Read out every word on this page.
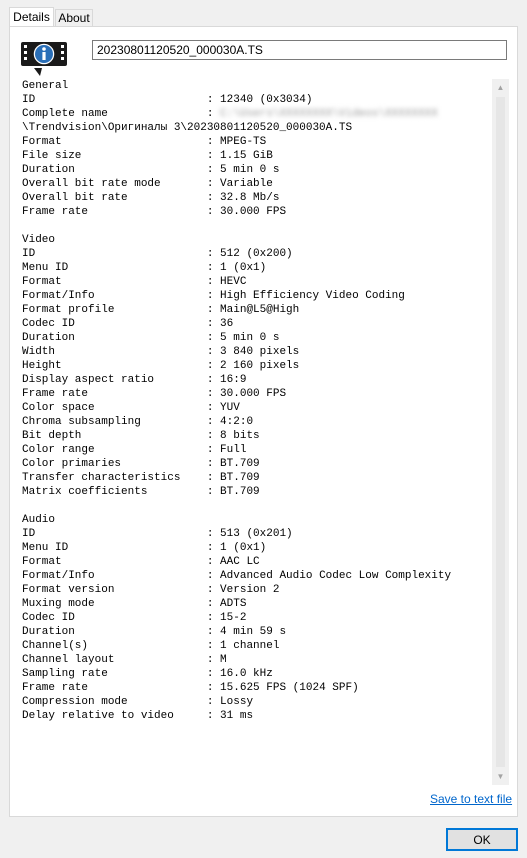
Details About
20230801120520_000030A.TS
General
ID                          : 12340 (0x3034)
Complete name               : C:\Users\XXXXXXXX\Videos\XXXXXXXX
\Trendvision\Оригиналы 3\20230801120520_000030A.TS
Format                      : MPEG-TS
File size                   : 1.15 GiB
Duration                    : 5 min 0 s
Overall bit rate mode       : Variable
Overall bit rate            : 32.8 Mb/s
Frame rate                  : 30.000 FPS

Video
ID                          : 512 (0x200)
Menu ID                     : 1 (0x1)
Format                      : HEVC
Format/Info                 : High Efficiency Video Coding
Format profile              : Main@L5@High
Codec ID                    : 36
Duration                    : 5 min 0 s
Width                       : 3 840 pixels
Height                      : 2 160 pixels
Display aspect ratio        : 16:9
Frame rate                  : 30.000 FPS
Color space                 : YUV
Chroma subsampling          : 4:2:0
Bit depth                   : 8 bits
Color range                 : Full
Color primaries             : BT.709
Transfer characteristics    : BT.709
Matrix coefficients         : BT.709

Audio
ID                          : 513 (0x201)
Menu ID                     : 1 (0x1)
Format                      : AAC LC
Format/Info                 : Advanced Audio Codec Low Complexity
Format version              : Version 2
Muxing mode                 : ADTS
Codec ID                    : 15-2
Duration                    : 4 min 59 s
Channel(s)                  : 1 channel
Channel layout              : M
Sampling rate               : 16.0 kHz
Frame rate                  : 15.625 FPS (1024 SPF)
Compression mode            : Lossy
Delay relative to video     : 31 ms
▲
▼
Save to text file
OK
